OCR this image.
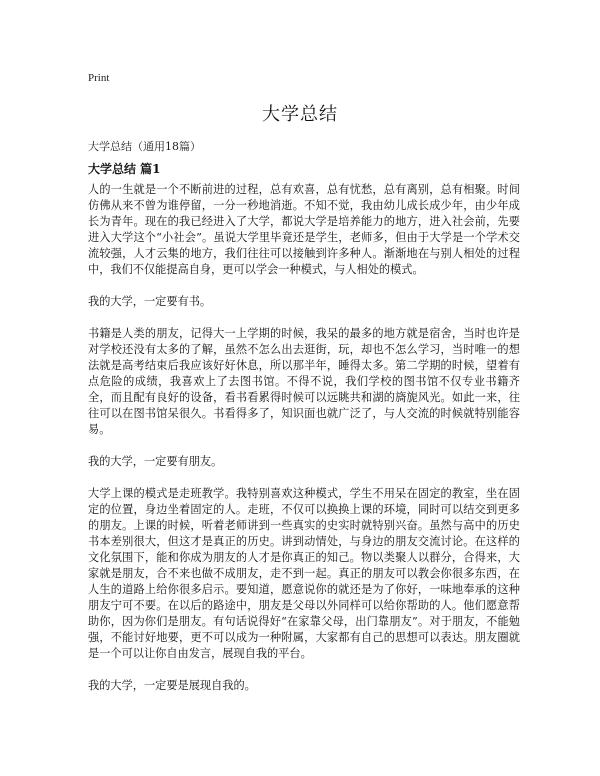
Print
大学总结
大学总结（通用18篇）
大学总结 篇1

人的一生就是一个不断前进的过程，总有欢喜，总有忧愁，总有离别，总有相聚。时间仿佛从来不曾为谁停留，一分一秒地消逝。不知不觉，我由幼儿成长成少年，由少年成长为青年。现在的我已经进入了大学，都说大学是培养能力的地方，进入社会前，先要进入大学这个“小社会”。虽说大学里毕竟还是学生，老师多，但由于大学是一个学术交流较强，人才云集的地方，我们往往可以接触到许多种人。渐渐地在与别人相处的过程中，我们不仅能提高自身，更可以学会一种模式，与人相处的模式。

我的大学，一定要有书。

书籍是人类的朋友，记得大一上学期的时候，我呆的最多的地方就是宿舍，当时也许是对学校还没有太多的了解，虽然不怎么出去逛街，玩，却也不怎么学习，当时唯一的想法就是高考结束后我应该好好休息，所以那半年，睡得太多。第二学期的时候，望着有点危险的成绩，我喜欢上了去图书馆。不得不说，我们学校的图书馆不仅专业书籍齐全，而且配有良好的设备，看书看累得时候可以远眺共和湖的旖旎风光。如此一来，往往可以在图书馆呆很久。书看得多了，知识面也就广泛了，与人交流的时候就特别能容易。

我的大学，一定要有朋友。

大学上课的模式是走班教学。我特别喜欢这种模式，学生不用呆在固定的教室，坐在固定的位置，身边坐着固定的人。走班，不仅可以换换上课的环境，同时可以结交到更多的朋友。上课的时候，听着老师讲到一些真实的史实时就特别兴奋。虽然与高中的历史书本差别很大，但这才是真正的历史。讲到动情处，与身边的朋友交流讨论。在这样的文化氛围下，能和你成为朋友的人才是你真正的知己。物以类聚人以群分，合得来，大家就是朋友，合不来也做不成朋友，走不到一起。真正的朋友可以教会你很多东西，在人生的道路上给你很多启示。要知道，愿意说你的就还是为了你好，一味地奉承的这种朋友宁可不要。在以后的路途中，朋友是父母以外同样可以给你帮助的人。他们愿意帮助你，因为你们是朋友。有句话说得好“在家靠父母，出门靠朋友”。对于朋友，不能勉强，不能讨好地要，更不可以成为一种附属，大家都有自己的思想可以表达。朋友圈就是一个可以让你自由发言，展现自我的平台。

我的大学，一定要是展现自我的。
